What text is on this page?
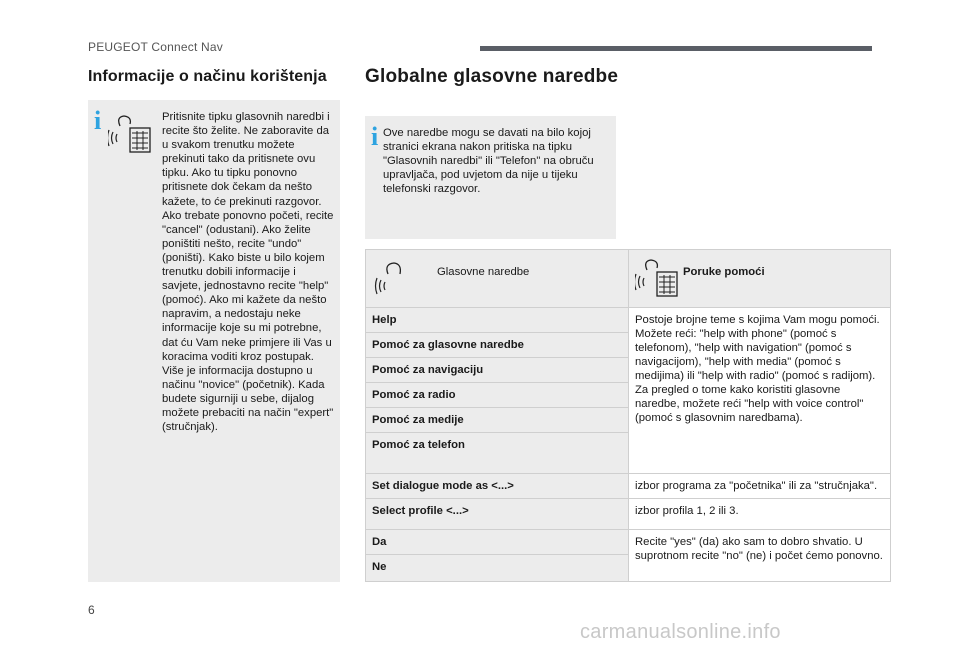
PEUGEOT Connect Nav
Informacije o načinu korištenja Globalne glasovne naredbe
i	Pritisnite tipku glasovnih naredbi i recite što želite. Ne zaboravite da u svakom trenutku možete prekinuti tako da pritisnete ovu tipku. Ako tu tipku ponovno pritisnete dok čekam da nešto kažete, to će prekinuti razgovor. Ako trebate ponovno početi, recite "cancel" (odustani). Ako želite poništiti nešto, recite "undo" (poništi). Kako biste u bilo kojem trenutku dobili informacije i savjete, jednostavno recite "help" (pomoć). Ako mi kažete da nešto napravim, a nedostaju neke informacije koje su mi potrebne, dat ću Vam neke primjere ili Vas u koracima voditi kroz postupak. Više je informacija dostupno u načinu "novice" (početnik). Kada budete sigurniji u sebe, dijalog možete prebaciti na način "expert" (stručnjak).
i Ove naredbe mogu se davati na bilo kojoj stranici ekrana nakon pritiska na tipku "Glasovnih naredbi" ili "Telefon" na obruču upravljača, pod uvjetom da nije u tijeku telefonski razgovor.
Glasovne naredbe	Poruke pomoći

Help	Postoje brojne teme s kojima Vam mogu pomoći. Možete reći: "help with phone" (pomoć s telefonom), "help with navigation" (pomoć s navigacijom), "help with media" (pomoć s medijima) ili "help with radio" (pomoć s radijom). Za pregled o tome kako koristiti glasovne naredbe, možete reći "help with voice control" (pomoć s glasovnim naredbama).
Pomoć za glasovne naredbe	
Pomoć za navigaciju	
Pomoć za radio	
Pomoć za medije	
Pomoć za telefon	
Set dialogue mode as <...>	izbor programa za "početnika" ili za "stručnjaka".
Select profile <...>	izbor profila 1, 2 ili 3.
Da	Recite "yes" (da) ako sam to dobro shvatio. U suprotnom recite "no" (ne) i počet ćemo ponovno.
Ne	
6
carmanualsonline.info
